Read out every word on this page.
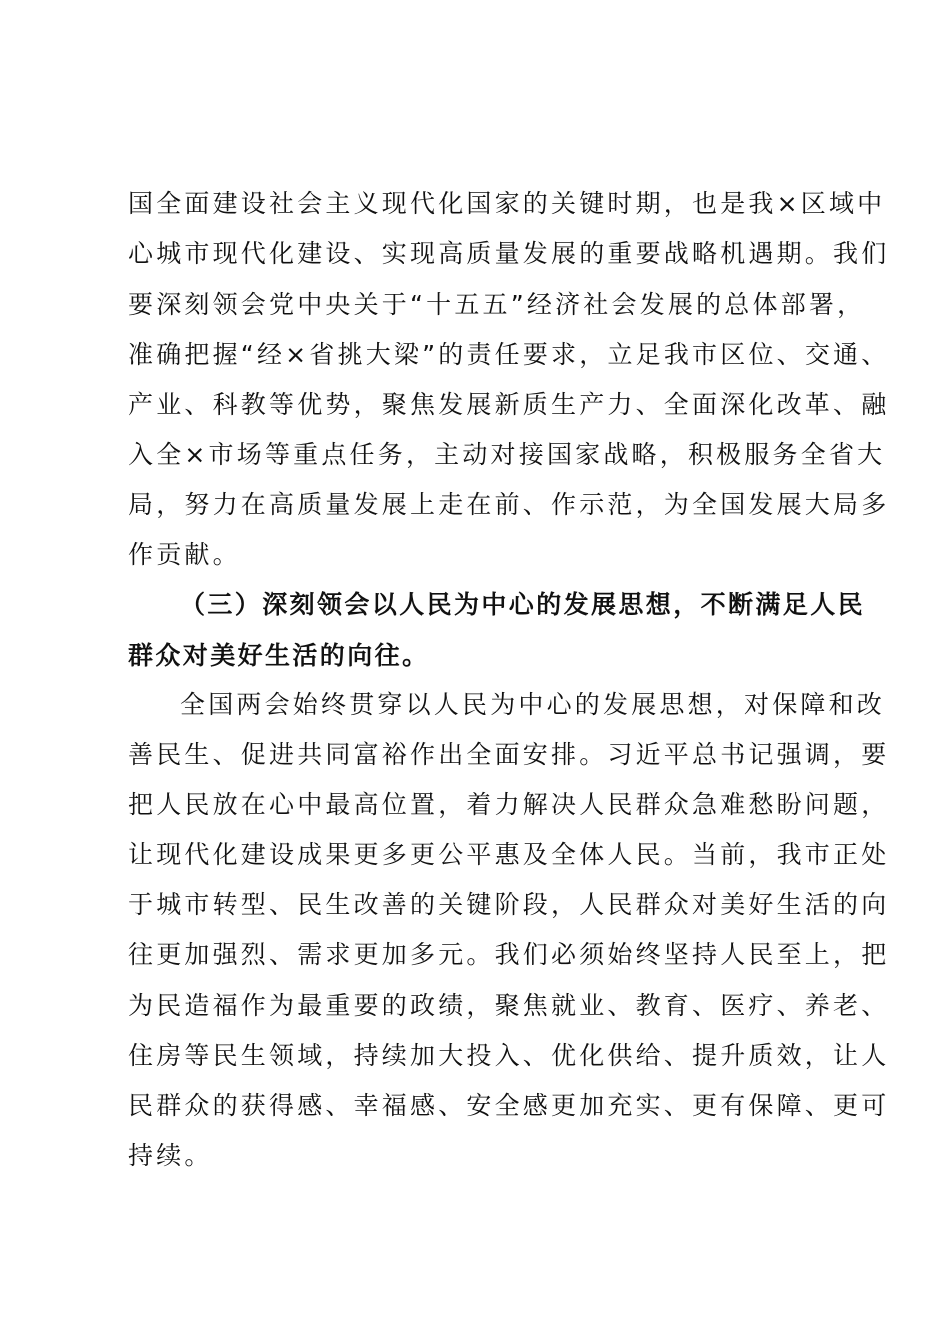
国全面建设社会主义现代化国家的关键时期，也是我×区域中
心城市现代化建设、实现高质量发展的重要战略机遇期。我们
要深刻领会党中央关于“十五五”经济社会发展的总体部署，
准确把握“经×省挑大梁”的责任要求，立足我市区位、交通、
产业、科教等优势，聚焦发展新质生产力、全面深化改革、融
入全×市场等重点任务，主动对接国家战略，积极服务全省大
局，努力在高质量发展上走在前、作示范，为全国发展大局多
作贡献。
（三）深刻领会以人民为中心的发展思想，不断满足人民
群众对美好生活的向往。
全国两会始终贯穿以人民为中心的发展思想，对保障和改
善民生、促进共同富裕作出全面安排。习近平总书记强调，要
把人民放在心中最高位置，着力解决人民群众急难愁盼问题，
让现代化建设成果更多更公平惠及全体人民。当前，我市正处
于城市转型、民生改善的关键阶段，人民群众对美好生活的向
往更加强烈、需求更加多元。我们必须始终坚持人民至上，把
为民造福作为最重要的政绩，聚焦就业、教育、医疗、养老、
住房等民生领域，持续加大投入、优化供给、提升质效，让人
民群众的获得感、幸福感、安全感更加充实、更有保障、更可
持续。
